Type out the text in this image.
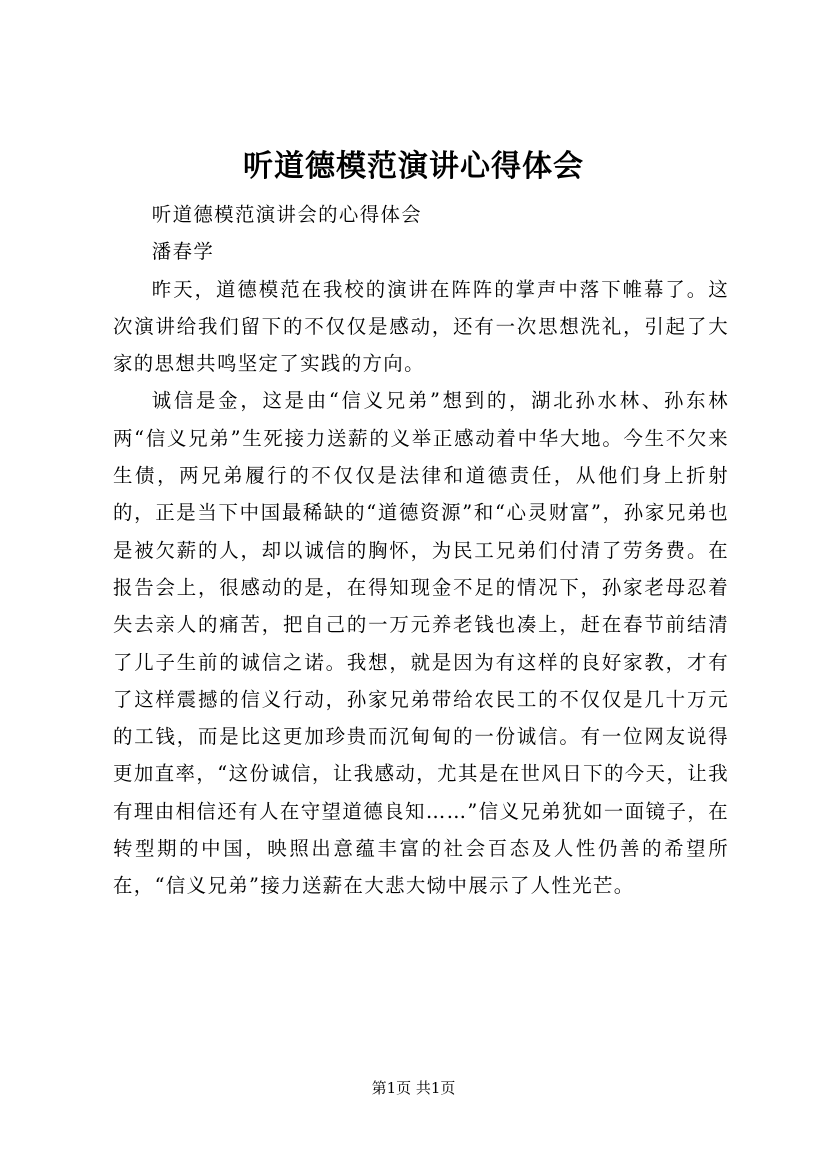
听道德模范演讲心得体会

听道德模范演讲会的心得体会

潘春学

昨天，道德模范在我校的演讲在阵阵的掌声中落下帷幕了。这次演讲给我们留下的不仅仅是感动，还有一次思想洗礼，引起了大家的思想共鸣坚定了实践的方向。

诚信是金，这是由“信义兄弟”想到的，湖北孙水林、孙东林两“信义兄弟”生死接力送薪的义举正感动着中华大地。今生不欠来生债，两兄弟履行的不仅仅是法律和道德责任，从他们身上折射的，正是当下中国最稀缺的“道德资源”和“心灵财富”，孙家兄弟也是被欠薪的人，却以诚信的胸怀，为民工兄弟们付清了劳务费。在报告会上，很感动的是，在得知现金不足的情况下，孙家老母忍着失去亲人的痛苦，把自己的一万元养老钱也凑上，赶在春节前结清了儿子生前的诚信之诺。我想，就是因为有这样的良好家教，才有了这样震撼的信义行动，孙家兄弟带给农民工的不仅仅是几十万元的工钱，而是比这更加珍贵而沉甸甸的一份诚信。有一位网友说得更加直率，“这份诚信，让我感动，尤其是在世风日下的今天，让我有理由相信还有人在守望道德良知……”信义兄弟犹如一面镜子，在转型期的中国，映照出意蕴丰富的社会百态及人性仍善的希望所在，“信义兄弟”接力送薪在大悲大恸中展示了人性光芒。

第1页 共1页
